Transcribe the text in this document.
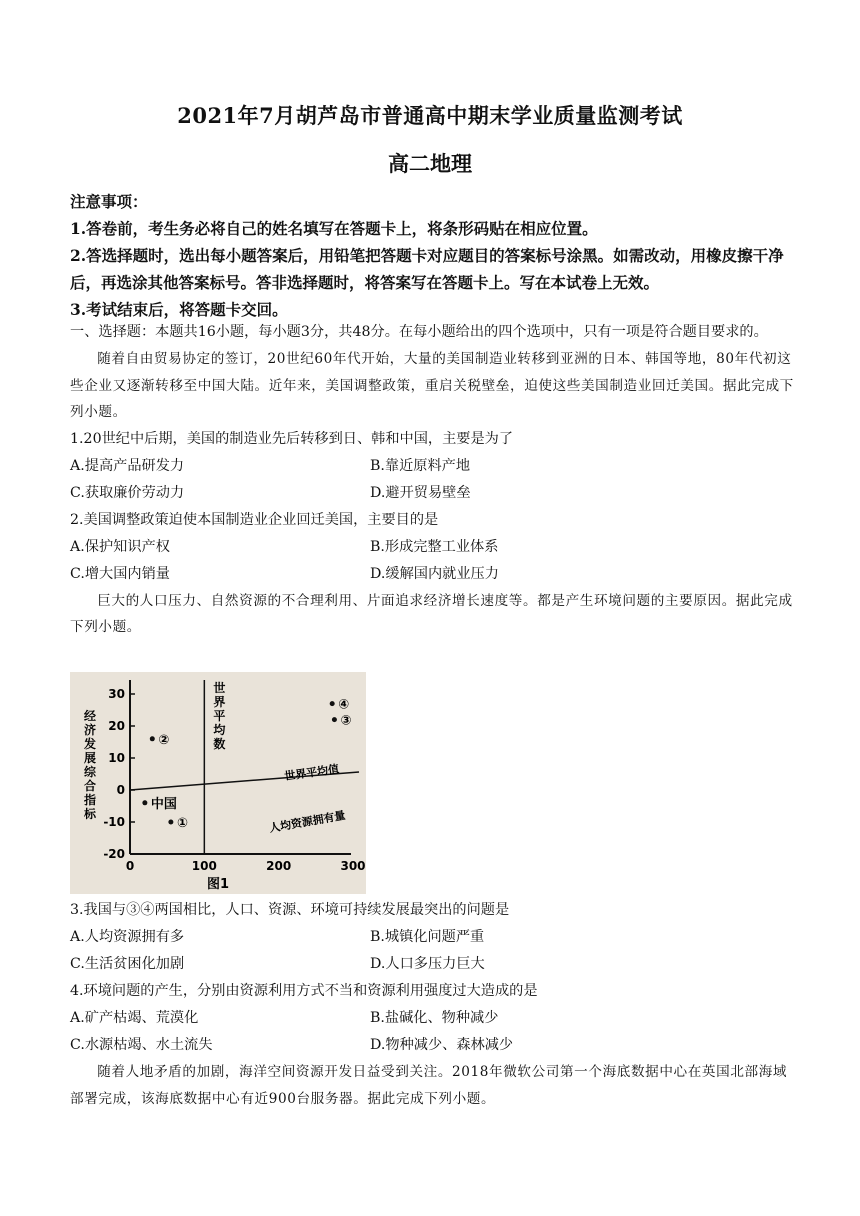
2021年7月胡芦岛市普通高中期末学业质量监测考试
高二地理
注意事项：
1.答卷前，考生务必将自己的姓名填写在答题卡上，将条形码贴在相应位置。
2.答选择题时，选出每小题答案后，用铅笔把答题卡对应题目的答案标号涂黑。如需改动，用橡皮擦干净后，再选涂其他答案标号。答非选择题时，将答案写在答题卡上。写在本试卷上无效。
3.考试结束后，将答题卡交回。
一、选择题：本题共16小题，每小题3分，共48分。在每小题给出的四个选项中，只有一项是符合题目要求的。
随着自由贸易协定的签订，20世纪60年代开始，大量的美国制造业转移到亚洲的日本、韩国等地，80年代初这些企业又逐渐转移至中国大陆。近年来，美国调整政策，重启关税壁垒，迫使这些美国制造业回迁美国。据此完成下列小题。
1.20世纪中后期，美国的制造业先后转移到日、韩和中国，主要是为了
A.提高产品研发力	B.靠近原料产地
C.获取廉价劳动力	D.避开贸易壁垒
2.美国调整政策迫使本国制造业企业回迁美国，主要目的是
A.保护知识产权	B.形成完整工业体系
C.增大国内销量	D.缓解国内就业压力
巨大的人口压力、自然资源的不合理利用、片面追求经济增长速度等。都是产生环境问题的主要原因。据此完成下列小题。
30
20
10
0
-10
-20
0	100	200	300
世
界
平
均
数
世界平均值
经
济
发
展
综
合
指
标	人均资源拥有量
①
②
③
④
中国
图1
3.我国与③④两国相比，人口、资源、环境可持续发展最突出的问题是
A.人均资源拥有多	B.城镇化问题严重
C.生活贫困化加剧	D.人口多压力巨大
4.环境问题的产生，分别由资源利用方式不当和资源利用强度过大造成的是
A.矿产枯竭、荒漠化	B.盐碱化、物种减少
C.水源枯竭、水土流失	D.物种减少、森林减少
随着人地矛盾的加剧，海洋空间资源开发日益受到关注。2018年微软公司第一个海底数据中心在英国北部海域部署完成，该海底数据中心有近900台服务器。据此完成下列小题。
